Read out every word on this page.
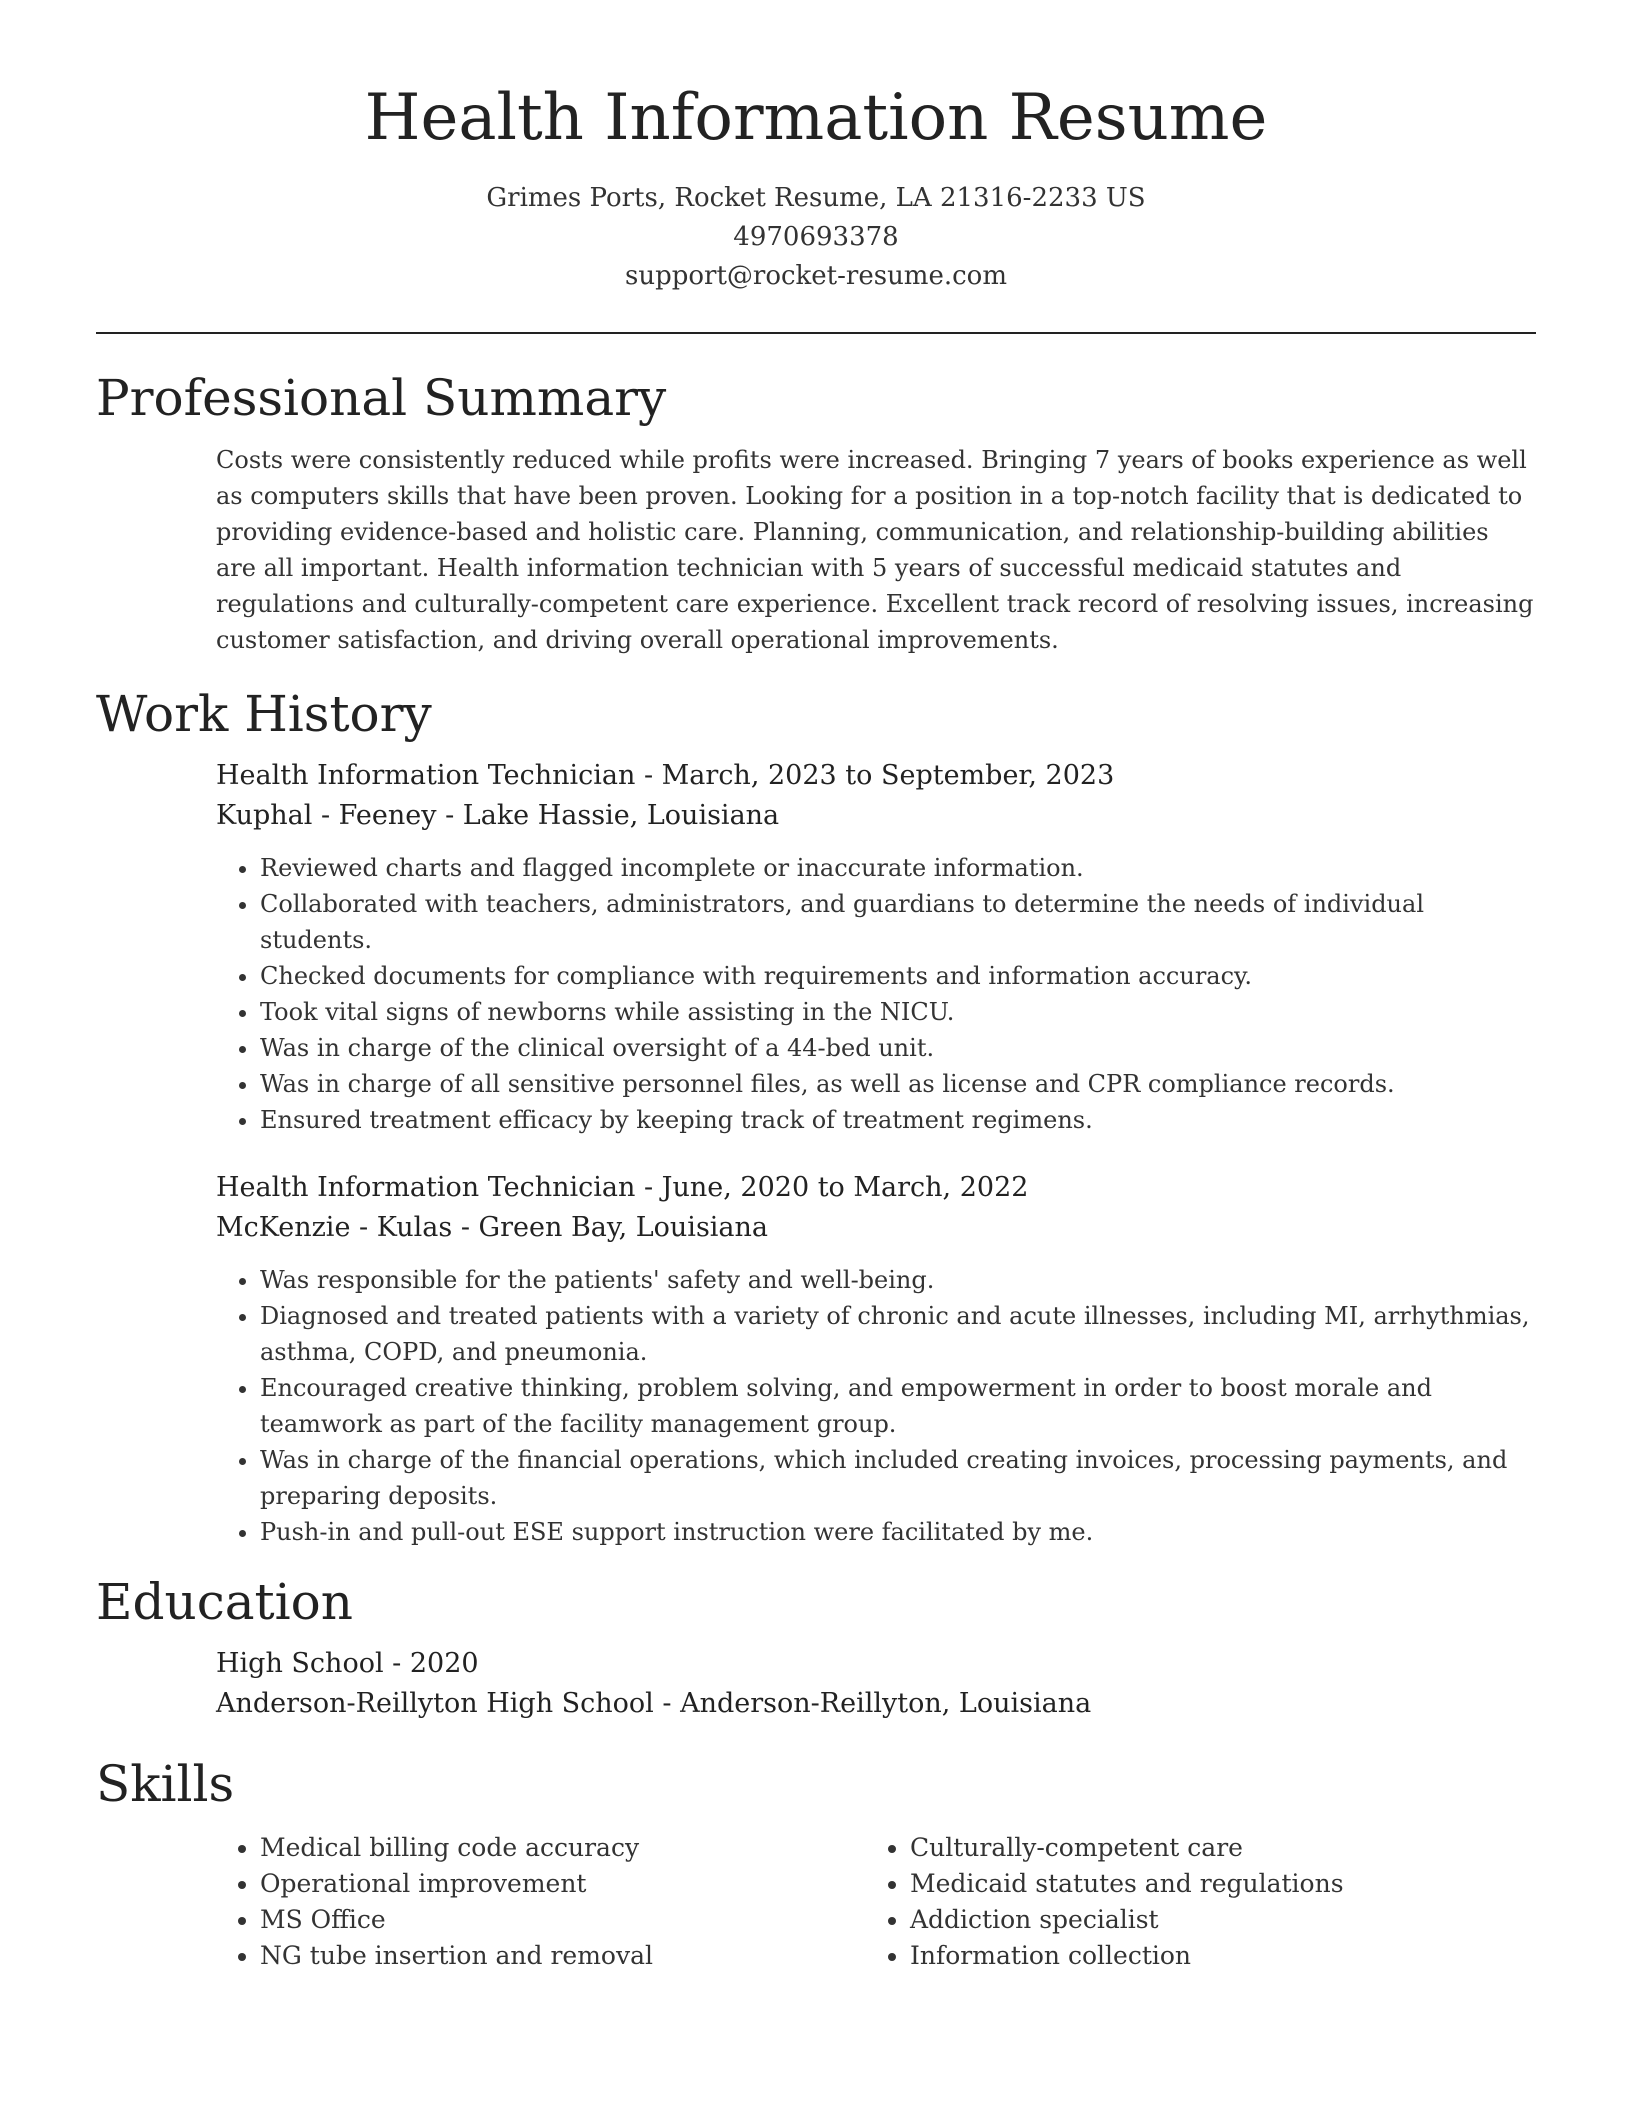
Health Information Resume
Grimes Ports, Rocket Resume, LA 21316-2233 US
4970693378
support@rocket-resume.com
Professional Summary

Costs were consistently reduced while profits were increased. Bringing 7 years of books experience as well as computers skills that have been proven. Looking for a position in a top-notch facility that is dedicated to providing evidence-based and holistic care. Planning, communication, and relationship-building abilities are all important. Health information technician with 5 years of successful medicaid statutes and regulations and culturally-competent care experience. Excellent track record of resolving issues, increasing customer satisfaction, and driving overall operational improvements.

Work History
Health Information Technician - March, 2023 to September, 2023
Kuphal - Feeney - Lake Hassie, Louisiana
• Reviewed charts and flagged incomplete or inaccurate information.
• Collaborated with teachers, administrators, and guardians to determine the needs of individual students.
• Checked documents for compliance with requirements and information accuracy.
• Took vital signs of newborns while assisting in the NICU.
• Was in charge of the clinical oversight of a 44-bed unit.
• Was in charge of all sensitive personnel files, as well as license and CPR compliance records.
• Ensured treatment efficacy by keeping track of treatment regimens.
Health Information Technician - June, 2020 to March, 2022
McKenzie - Kulas - Green Bay, Louisiana
• Was responsible for the patients' safety and well-being.
• Diagnosed and treated patients with a variety of chronic and acute illnesses, including MI, arrhythmias, asthma, COPD, and pneumonia.
• Encouraged creative thinking, problem solving, and empowerment in order to boost morale and teamwork as part of the facility management group.
• Was in charge of the financial operations, which included creating invoices, processing payments, and preparing deposits.
• Push-in and pull-out ESE support instruction were facilitated by me.
Education
High School - 2020
Anderson-Reillyton High School - Anderson-Reillyton, Louisiana
Skills
• Medical billing code accuracy
• Operational improvement
• MS Office
• NG tube insertion and removal
• Culturally-competent care
• Medicaid statutes and regulations
• Addiction specialist
• Information collection
